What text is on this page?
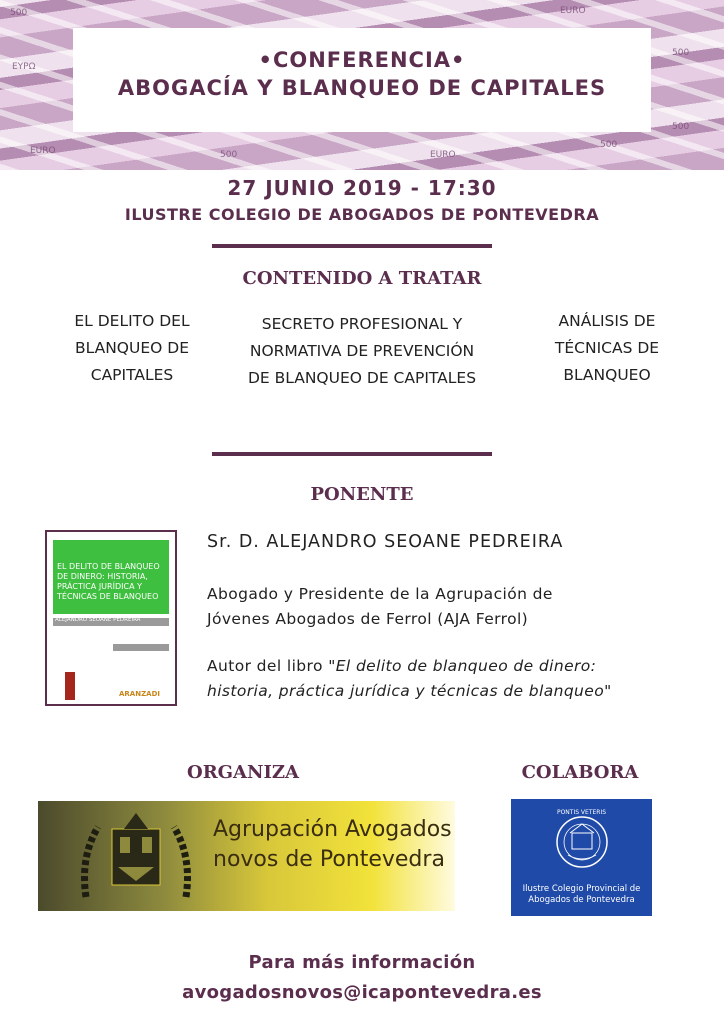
500	EURO
500
EYPΩ
500
EURO	500	EURO
500
•CONFERENCIA•
ABOGACÍA Y BLANQUEO DE CAPITALES
27 JUNIO 2019 - 17:30
ILUSTRE COLEGIO DE ABOGADOS DE PONTEVEDRA
CONTENIDO A TRATAR
EL DELITO DEL
BLANQUEO DE
CAPITALES
SECRETO PROFESIONAL Y
NORMATIVA DE PREVENCIÓN
DE BLANQUEO DE CAPITALES
ANÁLISIS DE
TÉCNICAS DE
BLANQUEO
PONENTE
EL DELITO DE BLANQUEO DE DINERO: HISTORIA, PRÁCTICA JURÍDICA Y TÉCNICAS DE BLANQUEO
ALEJANDRO SEOANE PEDREIRA
ARANZADI
Sr. D. ALEJANDRO SEOANE PEDREIRA
Abogado y Presidente de la Agrupación de
Jóvenes Abogados de Ferrol (AJA Ferrol)
Autor del libro "El delito de blanqueo de dinero:
historia, práctica jurídica y técnicas de blanqueo"
ORGANIZA	COLABORA
Agrupación Avogados
novos de Pontevedra
PONTIS VETERIS
Ilustre Colegio Provincial de
Abogados de Pontevedra
Para más información
avogadosnovos@icapontevedra.es
